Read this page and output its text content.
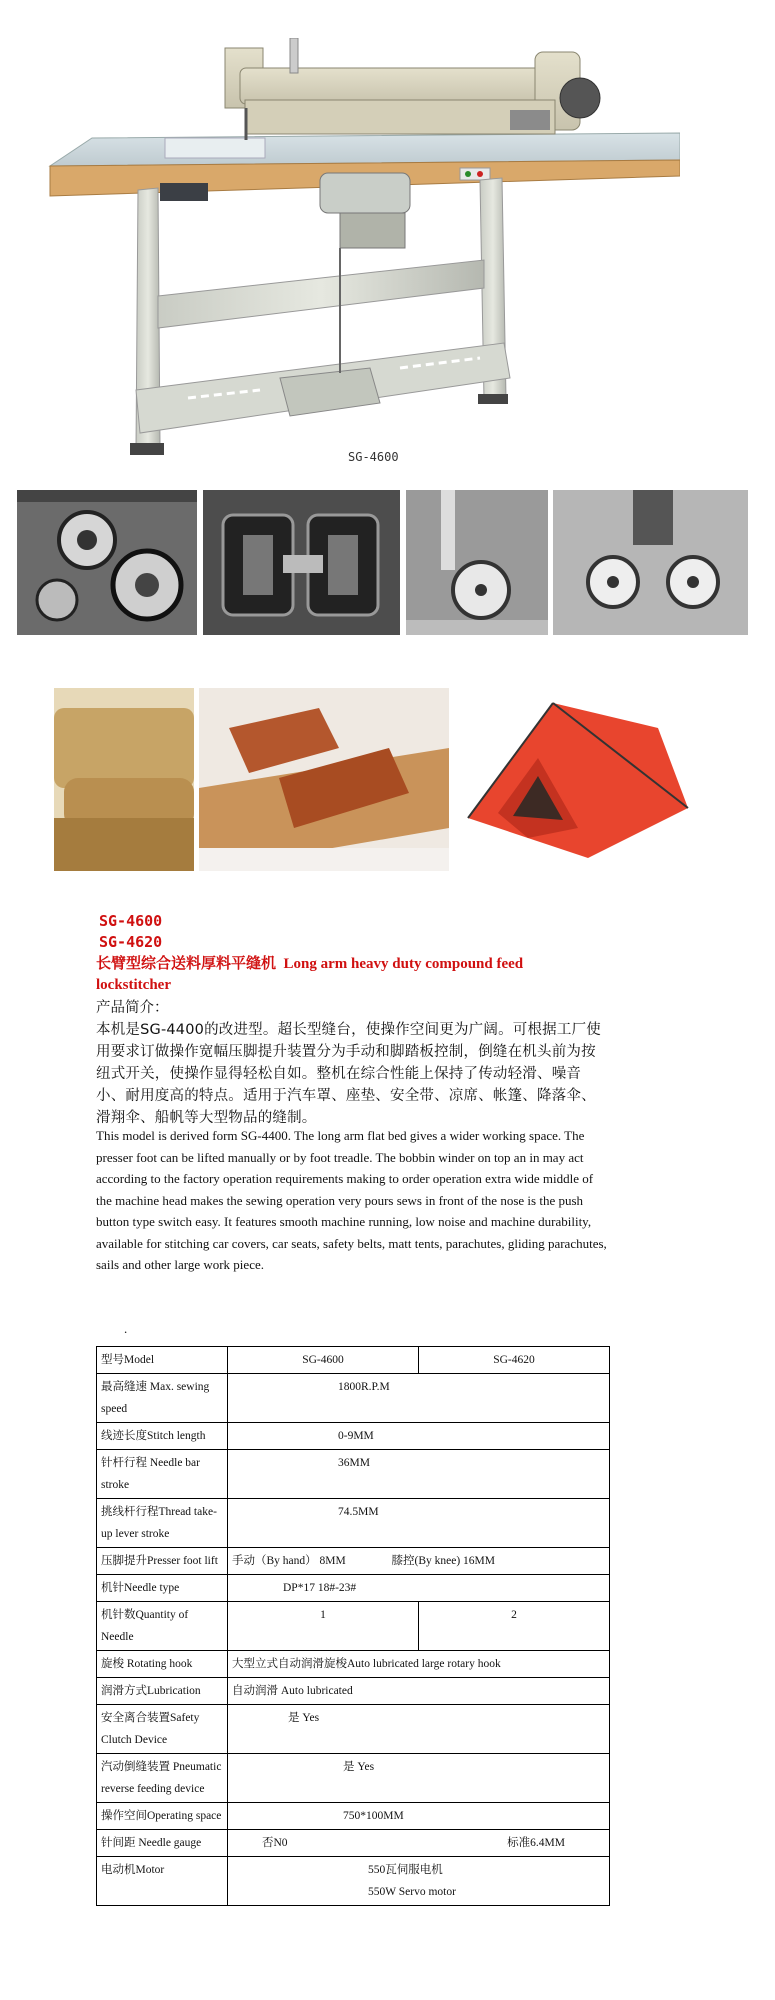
SG-4600
SG-4600
SG-4620
长臂型综合送料厚料平缝机 Long arm heavy duty compound feed lockstitcher
产品简介：
本机是SG-4400的改进型。超长型缝台，使操作空间更为广阔。可根据工厂使用要求订做操作宽幅压脚提升装置分为手动和脚踏板控制，倒缝在机头前为按纽式开关，使操作显得轻松自如。整机在综合性能上保持了传动轻滑、噪音小、耐用度高的特点。适用于汽车罩、座垫、安全带、凉席、帐篷、降落伞、滑翔伞、船帆等大型物品的缝制。
This model is derived form SG-4400. The long arm flat bed gives a wider working space. The presser foot can be lifted manually or by foot treadle. The bobbin winder on top an in may act according to the factory operation requirements making to order operation extra wide middle of the machine head makes the sewing operation very pours sews in front of the nose is the push button type switch easy. It features smooth machine running, low noise and machine durability, available for stitching car covers, car seats, safety belts, matt tents, parachutes, gliding parachutes, sails and other large work piece.
.
型号Model	SG-4600	SG-4620
最高缝速 Max. sewing speed	1800R.P.M	
线迹长度Stitch length	0-9MM	
针杆行程 Needle bar stroke	36MM	
挑线杆行程Thread take-up lever stroke	74.5MM	
压脚提升Presser foot lift	手动（By hand） 8MM 膝控(By knee) 16MM	
机针Needle type	DP*17 18#-23#	
机针数Quantity of Needle	1	2
旋梭 Rotating hook	大型立式自动润滑旋梭Auto lubricated large rotary hook	
润滑方式Lubrication	自动润滑 Auto lubricated	
安全离合装置Safety Clutch Device	是 Yes	
汽动倒缝装置 Pneumatic reverse feeding device	是 Yes	
操作空间Operating space	750*100MM	
针间距 Needle gauge	否N0 标准6.4MM	

电动机Motor	550瓦伺服电机
550W Servo motor	
